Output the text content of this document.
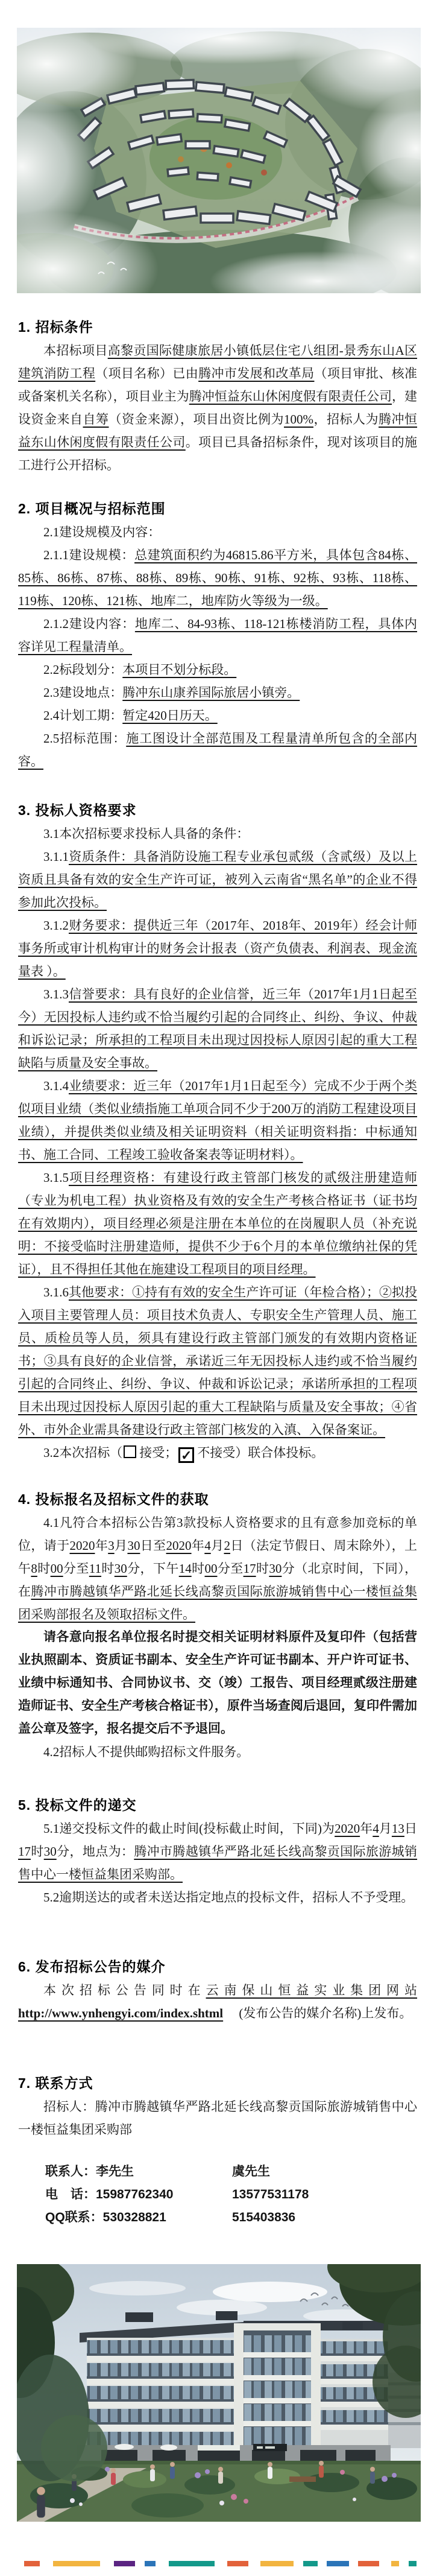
1. 招标条件

本招标项目高黎贡国际健康旅居小镇低层住宅八组团-景秀东山A区建筑消防工程（项目名称）已由腾冲市发展和改革局（项目审批、核准或备案机关名称），项目业主为腾冲恒益东山休闲度假有限责任公司，建设资金来自自筹（资金来源），项目出资比例为100%，招标人为腾冲恒益东山休闲度假有限责任公司。项目已具备招标条件，现对该项目的施工进行公开招标。

2. 项目概况与招标范围

2.1建设规模及内容：

2.1.1建设规模：总建筑面积约为46815.86平方米，具体包含84栋、85栋、86栋、87栋、88栋、89栋、90栋、91栋、92栋、93栋、118栋、119栋、120栋、121栋、地库二，地库防火等级为一级。

2.1.2建设内容：地库二、84-93栋、118-121栋楼消防工程，具体内容详见工程量清单。

2.2标段划分：本项目不划分标段。

2.3建设地点：腾冲东山康养国际旅居小镇旁。

2.4计划工期：暂定420日历天。

2.5招标范围：施工图设计全部范围及工程量清单所包含的全部内容。

3. 投标人资格要求

3.1本次招标要求投标人具备的条件：

3.1.1资质条件：具备消防设施工程专业承包贰级（含贰级）及以上资质且具备有效的安全生产许可证，被列入云南省“黑名单”的企业不得参加此次投标。

3.1.2财务要求：提供近三年（2017年、2018年、2019年）经会计师事务所或审计机构审计的财务会计报表（资产负债表、利润表、现金流量表 ）。

3.1.3信誉要求：具有良好的企业信誉，近三年（2017年1月1日起至今）无因投标人违约或不恰当履约引起的合同终止、纠纷、争议、仲裁和诉讼记录；所承担的工程项目未出现过因投标人原因引起的重大工程缺陷与质量及安全事故。

3.1.4业绩要求：近三年（2017年1月1日起至今）完成不少于两个类似项目业绩（类似业绩指施工单项合同不少于200万的消防工程建设项目业绩），并提供类似业绩及相关证明资料（相关证明资料指：中标通知书、施工合同、工程竣工验收备案表等证明材料）。

3.1.5项目经理资格：有建设行政主管部门核发的贰级注册建造师（专业为机电工程）执业资格及有效的安全生产考核合格证书（证书均在有效期内），项目经理必须是注册在本单位的在岗履职人员（补充说明：不接受临时注册建造师，提供不少于6个月的本单位缴纳社保的凭证），且不得担任其他在施建设工程项目的项目经理。

3.1.6其他要求：①持有有效的安全生产许可证（年检合格）；②拟投入项目主要管理人员：项目技术负责人、专职安全生产管理人员、施工员、质检员等人员，须具有建设行政主管部门颁发的有效期内资格证书；③具有良好的企业信誉，承诺近三年无因投标人违约或不恰当履约引起的合同终止、纠纷、争议、仲裁和诉讼记录；承诺所承担的工程项目未出现过因投标人原因引起的重大工程缺陷与质量及安全事故；④省外、市外企业需具备建设行政主管部门核发的入滇、入保备案证。

3.2本次招标（ 接受； ✓ 不接受）联合体投标。

4. 投标报名及招标文件的获取

4.1凡符合本招标公告第3款投标人资格要求的且有意参加竞标的单位，请于2020年3月30日至2020年4月2日（法定节假日、周末除外），上午8时00分至11时30分，下午14时00分至17时30分（北京时间，下同），在腾冲市腾越镇华严路北延长线高黎贡国际旅游城销售中心一楼恒益集团采购部报名及领取招标文件。

请各意向报名单位报名时提交相关证明材料原件及复印件（包括营业执照副本、资质证书副本、安全生产许可证书副本、开户许可证书、业绩中标通知书、合同协议书、交（竣）工报告、项目经理贰级注册建造师证书、安全生产考核合格证书），原件当场查阅后退回，复印件需加盖公章及签字，报名提交后不予退回。

4.2招标人不提供邮购招标文件服务。

5. 投标文件的递交

5.1递交投标文件的截止时间(投标截止时间，下同)为2020年4月13日17时30分，地点为：腾冲市腾越镇华严路北延长线高黎贡国际旅游城销售中心一楼恒益集团采购部。

5.2逾期送达的或者未送达指定地点的投标文件，招标人不予受理。

6. 发布招标公告的媒介

本次招标公告同时在云南保山恒益实业集团网站http://www.ynhengyi.com/index.shtml　 (发布公告的媒介名称)上发布。

7. 联系方式

招标人：腾冲市腾越镇华严路北延长线高黎贡国际旅游城销售中心一楼恒益集团采购部

联系人：李先生	虞先生
电　话：15987762340	13577531178
QQ联系：530328821	515403836
